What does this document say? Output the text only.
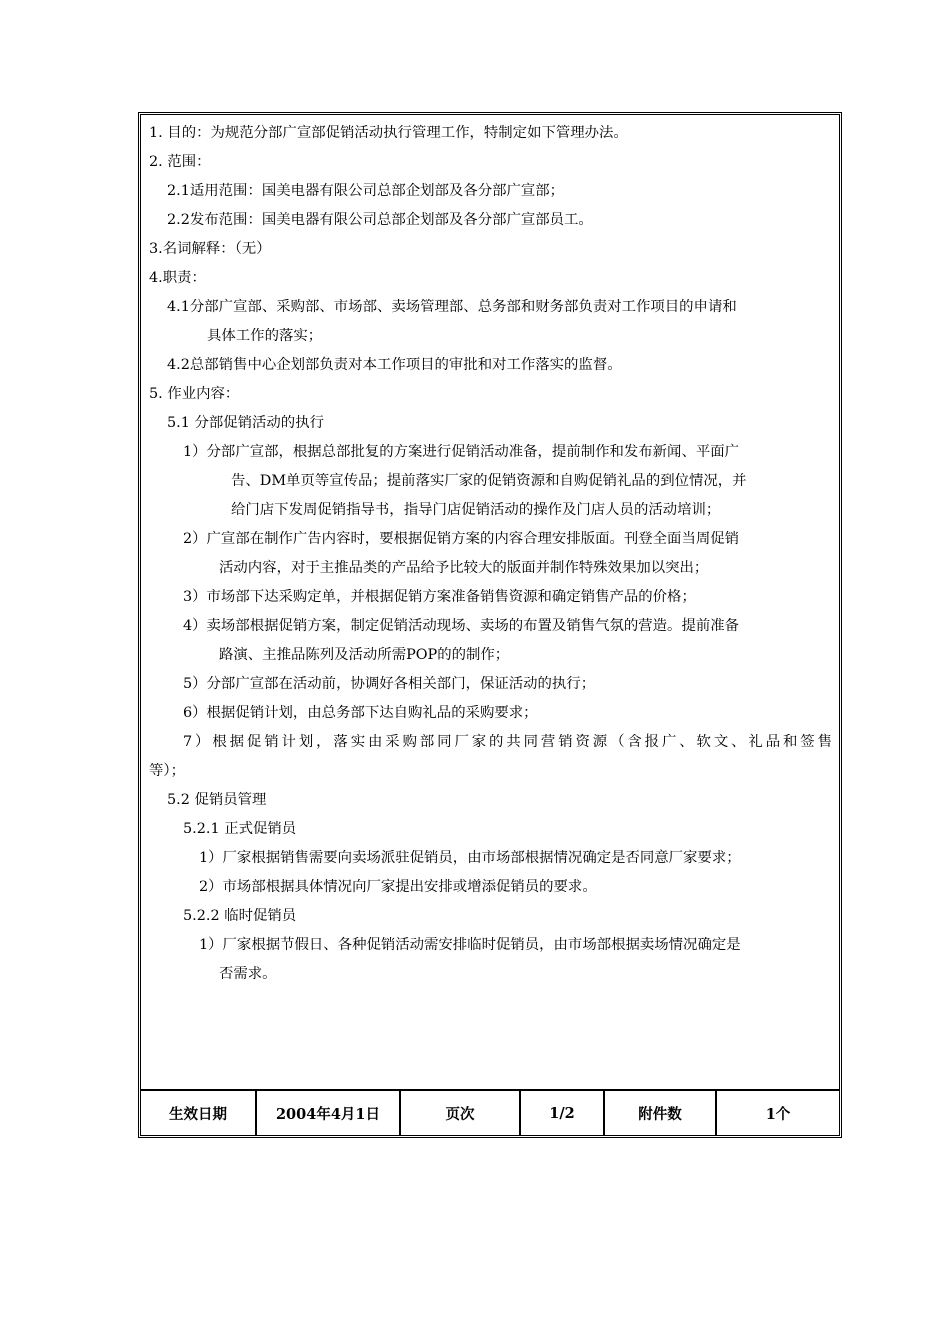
1. 目的：为规范分部广宣部促销活动执行管理工作，特制定如下管理办法。
2. 范围：
2.1适用范围：国美电器有限公司总部企划部及各分部广宣部；
2.2发布范围：国美电器有限公司总部企划部及各分部广宣部员工。
3.名词解释：（无）
4.职责：
4.1分部广宣部、采购部、市场部、卖场管理部、总务部和财务部负责对工作项目的申请和
具体工作的落实；
4.2总部销售中心企划部负责对本工作项目的审批和对工作落实的监督。
5. 作业内容：
5.1 分部促销活动的执行
1）分部广宣部，根据总部批复的方案进行促销活动准备，提前制作和发布新闻、平面广
告、DM单页等宣传品；提前落实厂家的促销资源和自购促销礼品的到位情况，并
给门店下发周促销指导书，指导门店促销活动的操作及门店人员的活动培训；
2）广宣部在制作广告内容时，要根据促销方案的内容合理安排版面。刊登全面当周促销
活动内容，对于主推品类的产品给予比较大的版面并制作特殊效果加以突出；
3）市场部下达采购定单，并根据促销方案准备销售资源和确定销售产品的价格；
4）卖场部根据促销方案，制定促销活动现场、卖场的布置及销售气氛的营造。提前准备
路演、主推品陈列及活动所需POP的的制作；
5）分部广宣部在活动前，协调好各相关部门，保证活动的执行；
6）根据促销计划，由总务部下达自购礼品的采购要求；
7）根据促销计划，落实由采购部同厂家的共同营销资源（含报广、软文、礼品和签售
等）；
5.2 促销员管理
5.2.1 正式促销员
1）厂家根据销售需要向卖场派驻促销员，由市场部根据情况确定是否同意厂家要求；
2）市场部根据具体情况向厂家提出安排或增添促销员的要求。
5.2.2 临时促销员
1）厂家根据节假日、各种促销活动需安排临时促销员，由市场部根据卖场情况确定是
否需求。
生效日期	2004年4月1日	页次	1/2	附件数	1个
